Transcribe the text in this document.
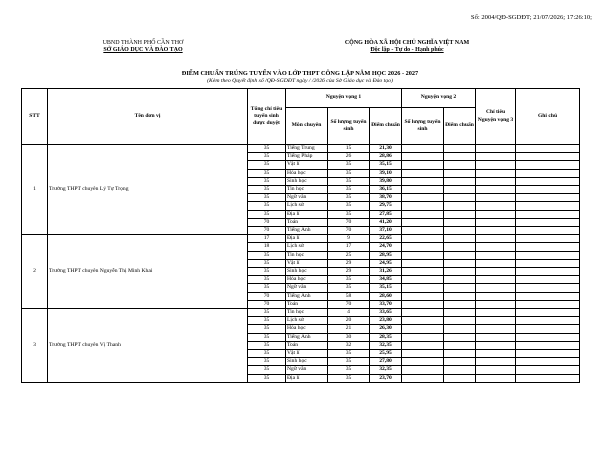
Số: 2004/QĐ-SGDĐT; 21/07/2026; 17:26:10;
UBND THÀNH PHỐ CẦN THƠ
SỞ GIÁO DỤC VÀ ĐÀO TẠO
CỘNG HÒA XÃ HỘI CHỦ NGHĨA VIỆT NAM
Độc lập - Tự do - Hạnh phúc
ĐIỂM CHUẨN TRÚNG TUYỂN VÀO LỚP THPT CÔNG LẬP NĂM HỌC 2026 - 2027
(Kèm theo Quyết định số /QĐ-SGDĐT ngày / /2026 của Sở Giáo dục và Đào tạo)
STT	Tên đơn vị	Tổng chỉ tiêu tuyển sinh được duyệt	Nguyện vọng 1			Nguyện vọng 2		Chỉ tiêu Nguyện vọng 3	Ghi chú
			Môn chuyên	Số lượng tuyển sinh	Điểm chuẩn	Số lượng tuyển sinh	Điểm chuẩn		
1	Trường THPT chuyên Lý Tự Trọng	35	Tiếng Trung	15	21,30				
		35	Tiếng Pháp	26	28,86				
		35	Vật lí	35	35,15				
		35	Hóa học	35	39,10				
		35	Sinh học	35	39,80				
		35	Tin học	35	36,15				
		35	Ngữ văn	35	38,70				
		35	Lịch sử	35	29,75				
		35	Địa lí	35	27,85				
		70	Toán	70	41,20				
		70	Tiếng Anh	70	37,10				
2	Trường THPT chuyên Nguyễn Thị Minh Khai	17	Địa lí	9	22,65				
		18	Lịch sử	17	24,70				
		35	Tin học	25	28,95				
		35	Vật lí	29	24,95				
		35	Sinh học	29	31,26				
		35	Hóa học	35	34,85				
		35	Ngữ văn	35	35,15				
		70	Tiếng Anh	58	28,60				
		70	Toán	70	33,70				
3	Trường THPT chuyên Vị Thanh	35	Tin học	4	33,65				
		35	Lịch sử	20	23,80				
		35	Hóa học	21	26,30				
		35	Tiếng Anh	30	28,35				
		35	Toán	32	32,35				
		35	Vật lí	35	25,95				
		35	Sinh học	35	27,80				
		35	Ngữ văn	35	32,35				
		35	Địa lí	35	23,70				
